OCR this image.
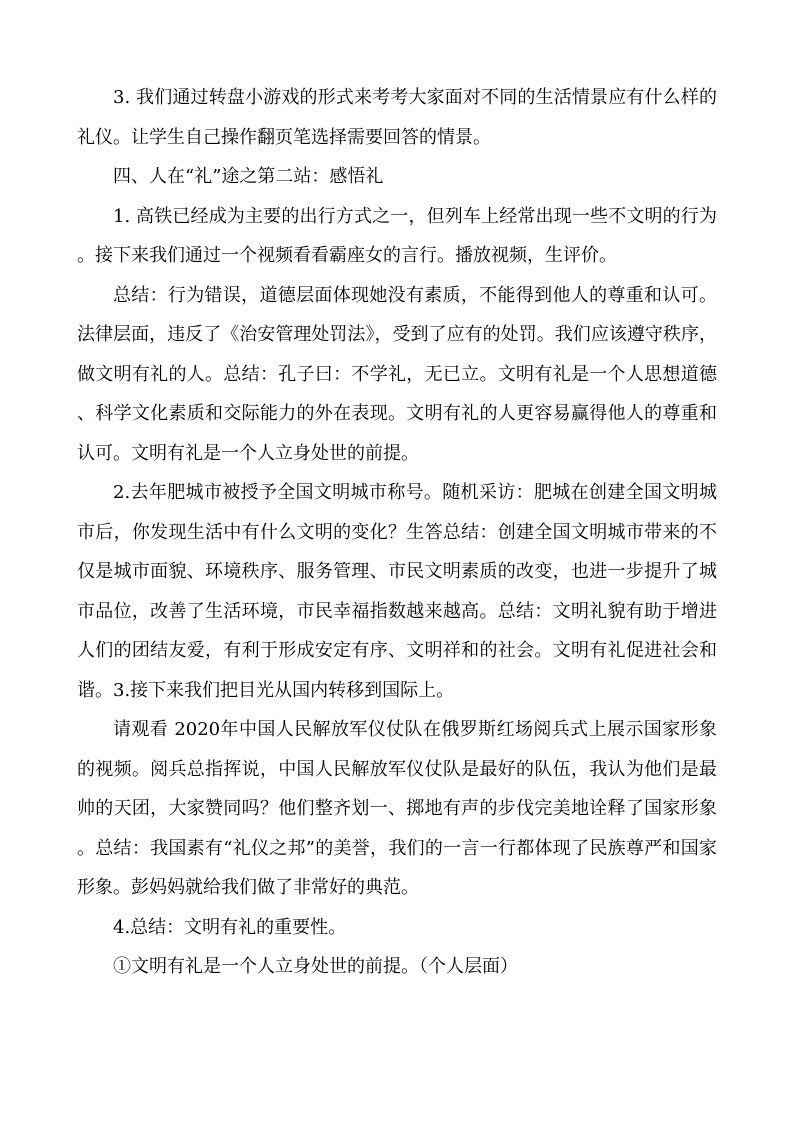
3. 我们通过转盘小游戏的形式来考考大家面对不同的生活情景应有什么样的礼仪。让学生自己操作翻页笔选择需要回答的情景。

四、人在“礼”途之第二站：感悟礼

1. 高铁已经成为主要的出行方式之一，但列车上经常出现一些不文明的行为。接下来我们通过一个视频看看霸座女的言行。播放视频，生评价。

总结：行为错误，道德层面体现她没有素质，不能得到他人的尊重和认可。法律层面，违反了《治安管理处罚法》，受到了应有的处罚。我们应该遵守秩序，做文明有礼的人。总结：孔子曰：不学礼，无已立。文明有礼是一个人思想道德、科学文化素质和交际能力的外在表现。文明有礼的人更容易赢得他人的尊重和认可。文明有礼是一个人立身处世的前提。

2.去年肥城市被授予全国文明城市称号。随机采访：肥城在创建全国文明城市后，你发现生活中有什么文明的变化？生答总结：创建全国文明城市带来的不仅是城市面貌、环境秩序、服务管理、市民文明素质的改变，也进一步提升了城市品位，改善了生活环境，市民幸福指数越来越高。总结：文明礼貌有助于增进人们的团结友爱，有利于形成安定有序、文明祥和的社会。文明有礼促进社会和谐。3.接下来我们把目光从国内转移到国际上。

请观看 2020年中国人民解放军仪仗队在俄罗斯红场阅兵式上展示国家形象的视频。阅兵总指挥说，中国人民解放军仪仗队是最好的队伍，我认为他们是最帅的天团，大家赞同吗？他们整齐划一、掷地有声的步伐完美地诠释了国家形象。总结：我国素有“礼仪之邦”的美誉，我们的一言一行都体现了民族尊严和国家形象。彭妈妈就给我们做了非常好的典范。

4.总结：文明有礼的重要性。

①文明有礼是一个人立身处世的前提。（个人层面）
